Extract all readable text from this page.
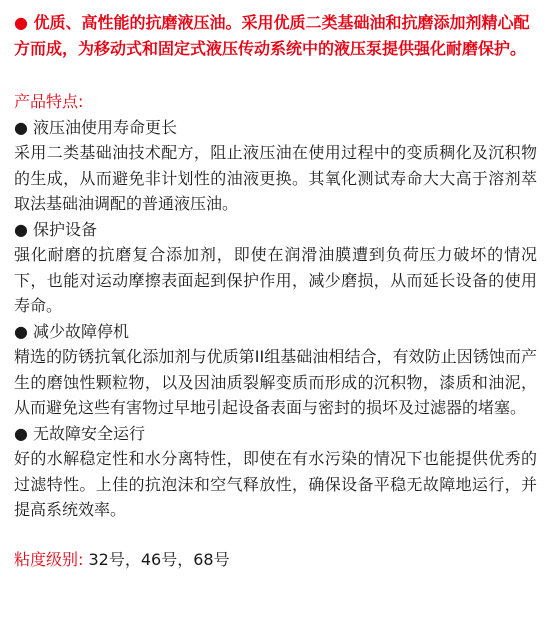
● 优质、高性能的抗磨液压油。采用优质二类基础油和抗磨添加剂精心配方而成，为移动式和固定式液压传动系统中的液压泵提供强化耐磨保护。

产品特点:

● 液压油使用寿命更长

采用二类基础油技术配方，阻止液压油在使用过程中的变质稠化及沉积物的生成，从而避免非计划性的油液更换。其氧化测试寿命大大高于溶剂萃取法基础油调配的普通液压油。

● 保护设备

强化耐磨的抗磨复合添加剂，即使在润滑油膜遭到负荷压力破坏的情况下，也能对运动摩擦表面起到保护作用，减少磨损，从而延长设备的使用寿命。

● 减少故障停机

精选的防锈抗氧化添加剂与优质第II组基础油相结合，有效防止因锈蚀而产生的磨蚀性颗粒物，以及因油质裂解变质而形成的沉积物，漆质和油泥，从而避免这些有害物过早地引起设备表面与密封的损坏及过滤器的堵塞。

● 无故障安全运行

好的水解稳定性和水分离特性，即使在有水污染的情况下也能提供优秀的过滤特性。上佳的抗泡沫和空气释放性，确保设备平稳无故障地运行，并提高系统效率。

粘度级别: 32号，46号，68号
